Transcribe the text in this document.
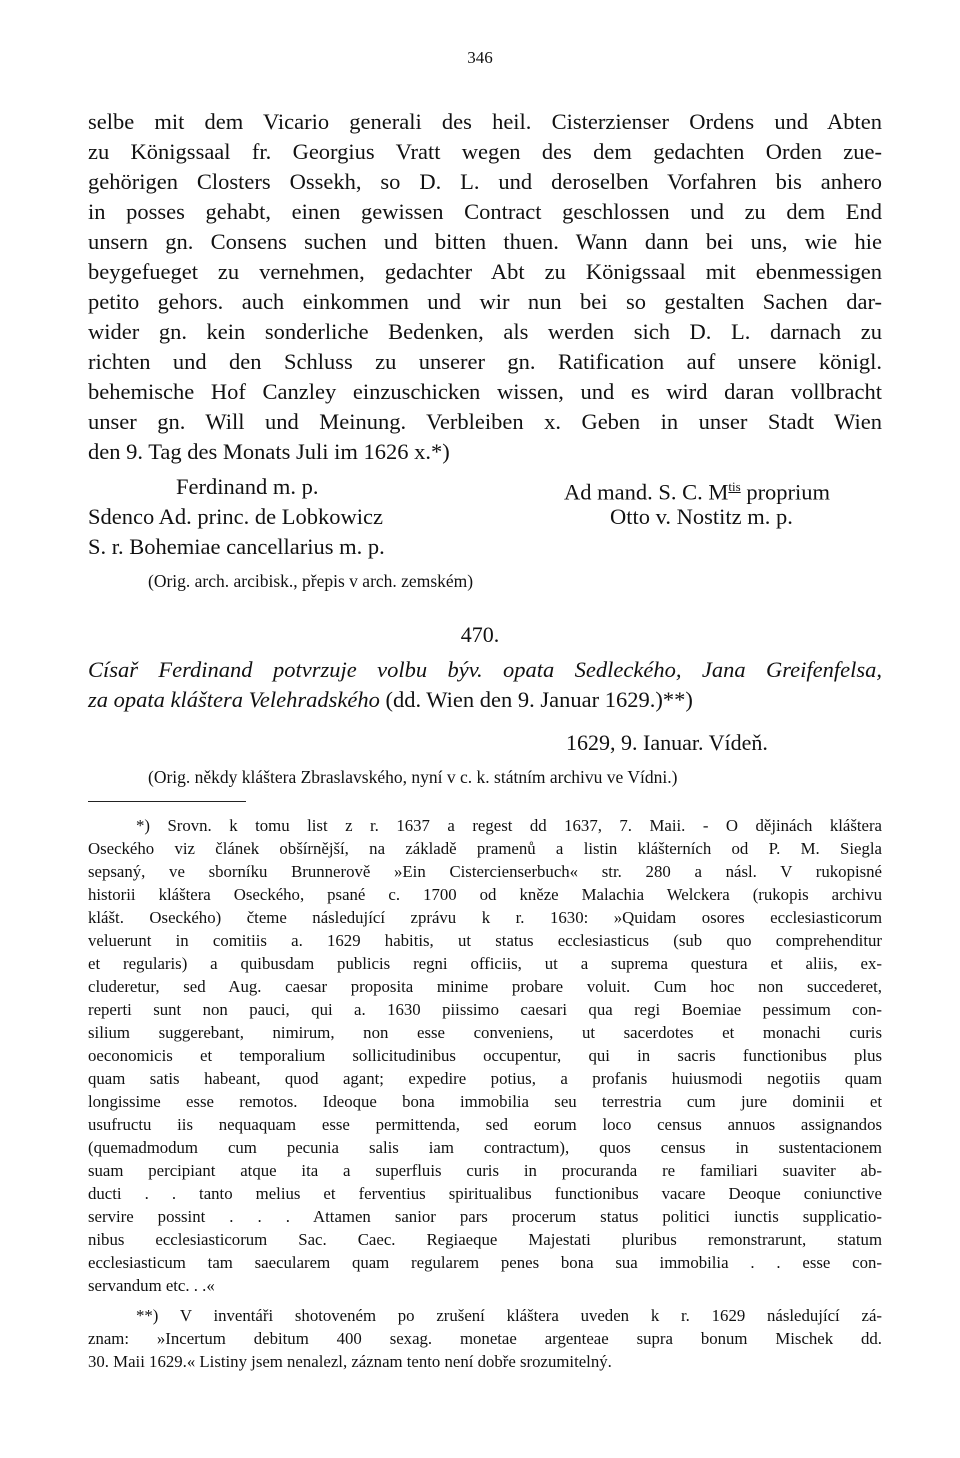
346
selbe mit dem Vicario generali des heil. Cisterzienser Ordens und Abten
zu Königssaal fr. Georgius Vratt wegen des dem gedachten Orden zue-
gehörigen Closters Ossekh, so D. L. und deroselben Vorfahren bis anhero
in posses gehabt, einen gewissen Contract geschlossen und zu dem End
unsern gn. Consens suchen und bitten thuen. Wann dann bei uns, wie hie
beygefueget zu vernehmen, gedachter Abt zu Königssaal mit ebenmessigen
petito gehors. auch einkommen und wir nun bei so gestalten Sachen dar-
wider gn. kein sonderliche Bedenken, als werden sich D. L. darnach zu
richten und den Schluss zu unserer gn. Ratification auf unsere königl.
behemische Hof Canzley einzuschicken wissen, und es wird daran vollbracht
unser gn. Will und Meinung. Verbleiben x. Geben in unser Stadt Wien
den 9. Tag des Monats Juli im 1626 x.*)
Ferdinand m. p.
Sdenco Ad. princ. de Lobkowicz
S. r. Bohemiae cancellarius m. p.
Ad mand. S. C. $M^{tis}$ proprium
Otto v. Nostitz m. p.
(Orig. arch. arcibisk., přepis v arch. zemském)
470.
Císař Ferdinand potvrzuje volbu býv. opata Sedleckého, Jana Greifenfelsa,
za opata kláštera Velehradského (dd. Wien den 9. Januar 1629.)**)
1629, 9. Ianuar. Vídeň.
(Orig. někdy kláštera Zbraslavského, nyní v c. k. státním archivu ve Vídni.)
*) Srovn. k tomu list z r. 1637 a regest dd 1637, 7. Maii. - O dějinách kláštera
Oseckého viz článek obšírnější, na základě pramenů a listin klášterních od P. M. Siegla
sepsaný, ve sborníku Brunnerově »Ein Cistercienserbuch« str. 280 a násl. V rukopisné
historii kláštera Oseckého, psané c. 1700 od kněze Malachia Welckera (rukopis archivu
klášt. Oseckého) čteme následující zprávu k r. 1630: »Quidam osores ecclesiasticorum
veluerunt in comitiis a. 1629 habitis, ut status ecclesiasticus (sub quo comprehenditur
et regularis) a quibusdam publicis regni officiis, ut a suprema questura et aliis, ex-
cluderetur, sed Aug. caesar proposita minime probare voluit. Cum hoc non succederet,
reperti sunt non pauci, qui a. 1630 piissimo caesari qua regi Boemiae pessimum con-
silium suggerebant, nimirum, non esse conveniens, ut sacerdotes et monachi curis
oeconomicis et temporalium sollicitudinibus occupentur, qui in sacris functionibus plus
quam satis habeant, quod agant; expedire potius, a profanis huiusmodi negotiis quam
longissime esse remotos. Ideoque bona immobilia seu terrestria cum jure dominii et
usufructu iis nequaquam esse permittenda, sed eorum loco census annuos assignandos
(quemadmodum cum pecunia salis iam contractum), quos census in sustentacionem
suam percipiant atque ita a superfluis curis in procuranda re familiari suaviter ab-
ducti . . tanto melius et ferventius spiritualibus functionibus vacare Deoque coniunctive
servire possint . . . Attamen sanior pars procerum status politici iunctis supplicatio-
nibus ecclesiasticorum Sac. Caec. Regiaeque Majestati pluribus remonstrarunt, statum
ecclesiasticum tam saecularem quam regularem penes bona sua immobilia . . esse con-
servandum etc. . .«
**) V inventáři shotoveném po zrušení kláštera uveden k r. 1629 následující zá-
znam: »Incertum debitum 400 sexag. monetae argenteae supra bonum Mischek dd.
30. Maii 1629.« Listiny jsem nenalezl, záznam tento není dobře srozumitelný.
